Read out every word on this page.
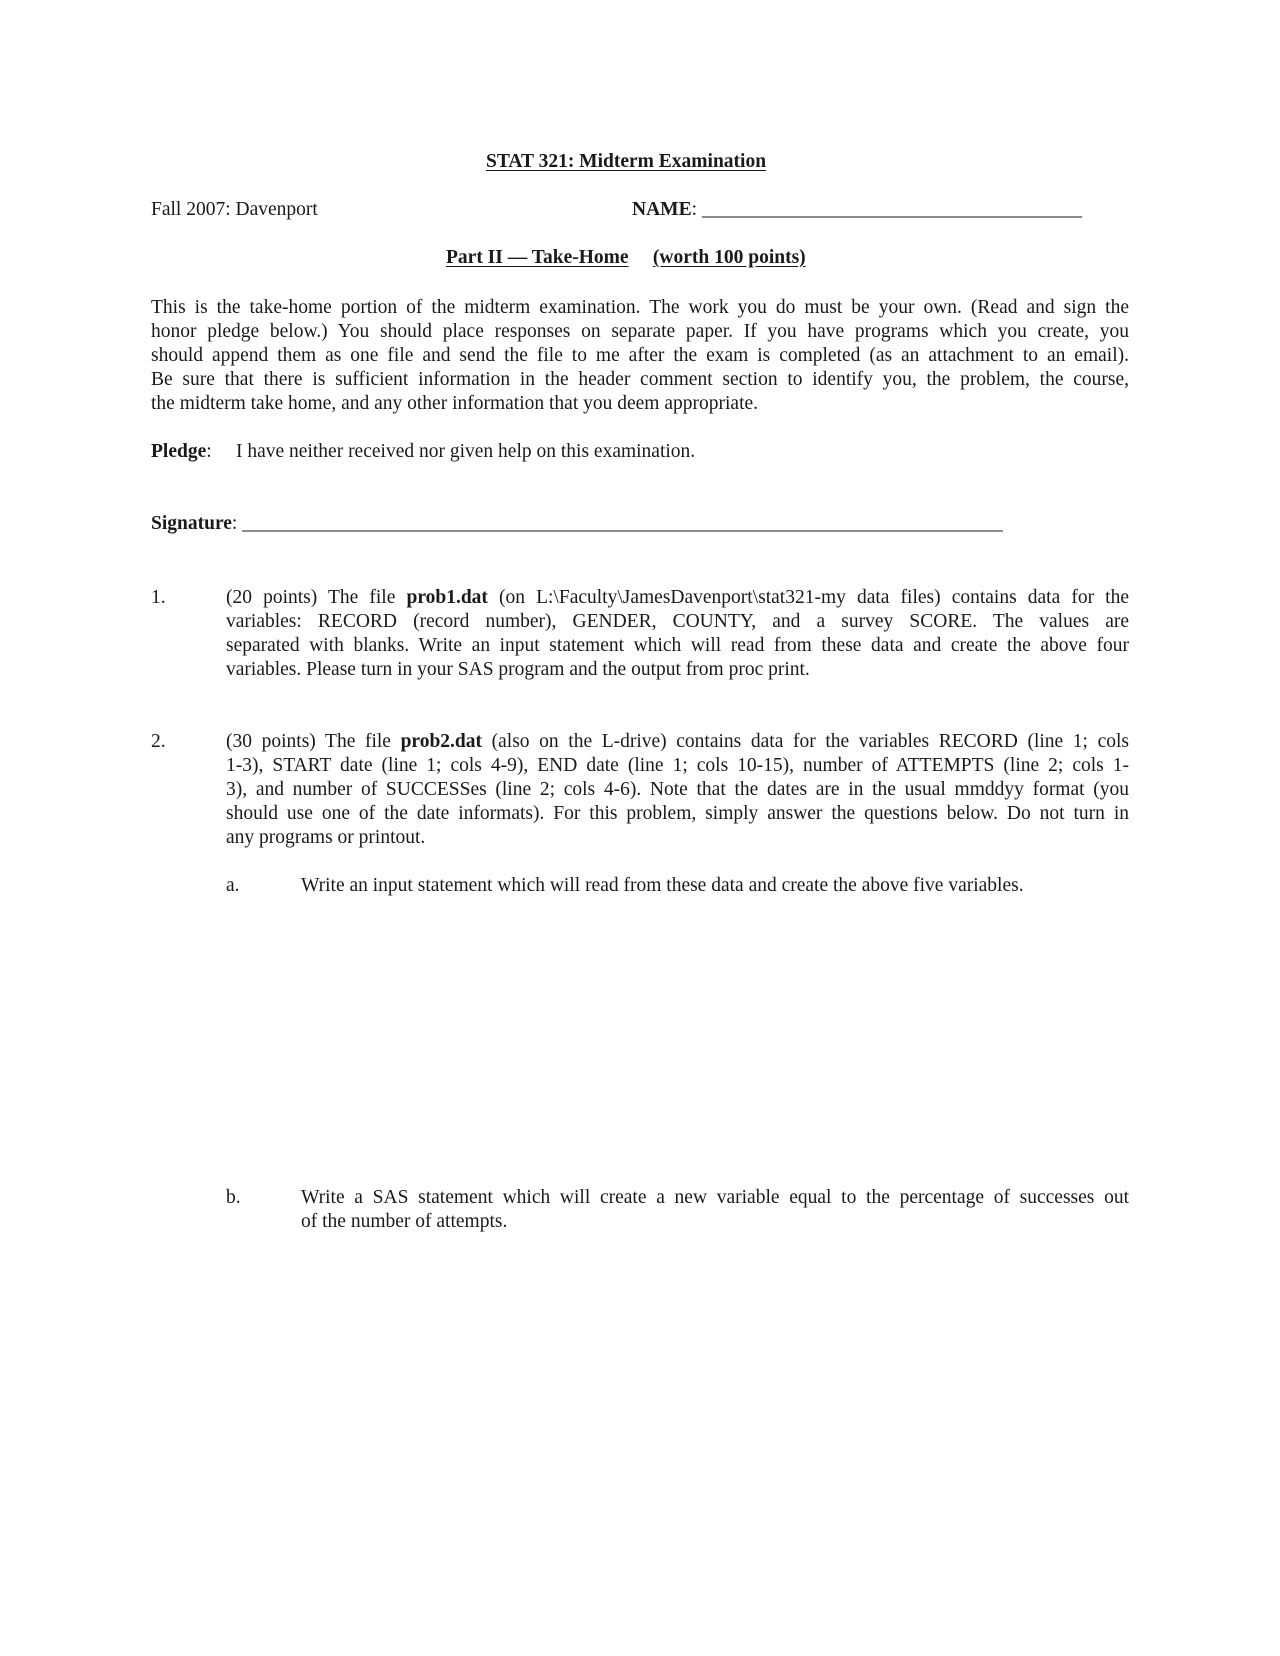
STAT 321: Midterm Examination
Fall 2007: Davenport	NAME: _______________________________________
Part II — Take-Home (worth 100 points)
This is the take-home portion of the midterm examination. The work you do must be your own. (Read and sign the
honor pledge below.) You should place responses on separate paper. If you have programs which you create, you
should append them as one file and send the file to me after the exam is completed (as an attachment to an email).
Be sure that there is sufficient information in the header comment section to identify you, the problem, the course,
the midterm take home, and any other information that you deem appropriate.
Pledge: I have neither received nor given help on this examination.
Signature: ______________________________________________________________________________
1.	(20 points) The file prob1.dat (on L:\Faculty\JamesDavenport\stat321-my data files) contains data for the
variables: RECORD (record number), GENDER, COUNTY, and a survey SCORE. The values are
separated with blanks. Write an input statement which will read from these data and create the above four
variables. Please turn in your SAS program and the output from proc print.
2.	(30 points) The file prob2.dat (also on the L-drive) contains data for the variables RECORD (line 1; cols
1-3), START date (line 1; cols 4-9), END date (line 1; cols 10-15), number of ATTEMPTS (line 2; cols 1-
3), and number of SUCCESSes (line 2; cols 4-6). Note that the dates are in the usual mmddyy format (you
should use one of the date informats). For this problem, simply answer the questions below. Do not turn in
any programs or printout.
a.	Write an input statement which will read from these data and create the above five variables.
b.	Write a SAS statement which will create a new variable equal to the percentage of successes out
of the number of attempts.
